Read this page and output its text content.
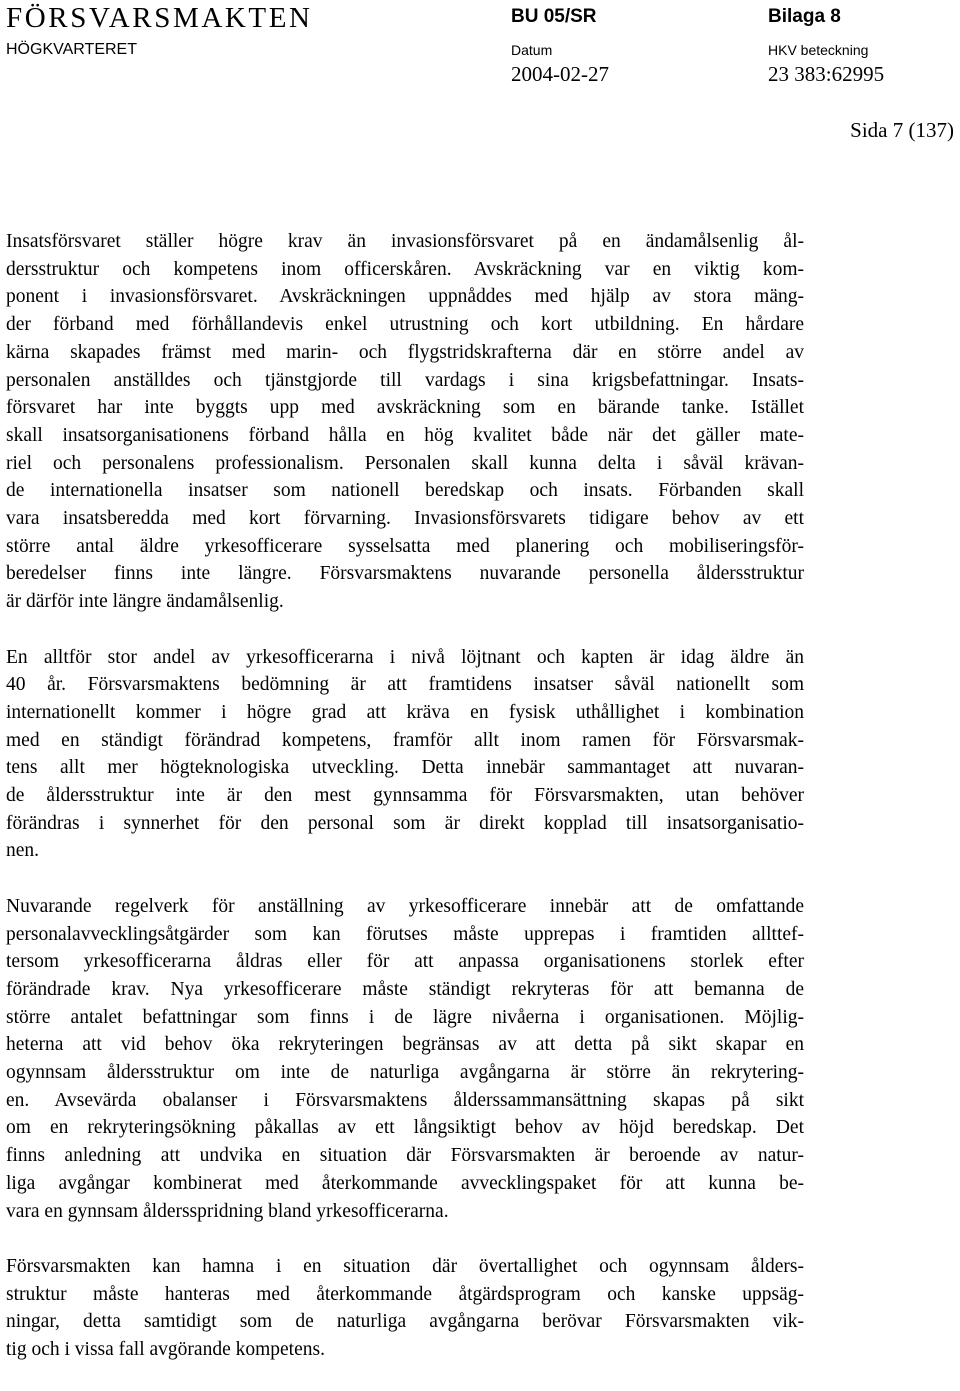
FÖRSVARSMAKTEN
HÖGKVARTERET
BU 05/SR	Bilaga 8
Datum	HKV beteckning
2004-02-27	23 383:62995
Sida 7 (137)
Insatsförsvaret ställer högre krav än invasionsförsvaret på en ändamålsenlig ål-
dersstruktur och kompetens inom officerskåren. Avskräckning var en viktig kom-
ponent i invasionsförsvaret. Avskräckningen uppnåddes med hjälp av stora mäng-
der förband med förhållandevis enkel utrustning och kort utbildning. En hårdare
kärna skapades främst med marin- och flygstridskrafterna där en större andel av
personalen anställdes och tjänstgjorde till vardags i sina krigsbefattningar. Insats-
försvaret har inte byggts upp med avskräckning som en bärande tanke. Istället
skall insatsorganisationens förband hålla en hög kvalitet både när det gäller mate-
riel och personalens professionalism. Personalen skall kunna delta i såväl krävan-
de internationella insatser som nationell beredskap och insats. Förbanden skall
vara insatsberedda med kort förvarning. Invasionsförsvarets tidigare behov av ett
större antal äldre yrkesofficerare sysselsatta med planering och mobiliseringsför-
beredelser finns inte längre. Försvarsmaktens nuvarande personella åldersstruktur
är därför inte längre ändamålsenlig.
En alltför stor andel av yrkesofficerarna i nivå löjtnant och kapten är idag äldre än
40 år. Försvarsmaktens bedömning är att framtidens insatser såväl nationellt som
internationellt kommer i högre grad att kräva en fysisk uthållighet i kombination
med en ständigt förändrad kompetens, framför allt inom ramen för Försvarsmak-
tens allt mer högteknologiska utveckling. Detta innebär sammantaget att nuvaran-
de åldersstruktur inte är den mest gynnsamma för Försvarsmakten, utan behöver
förändras i synnerhet för den personal som är direkt kopplad till insatsorganisatio-
nen.
Nuvarande regelverk för anställning av yrkesofficerare innebär att de omfattande
personalavvecklingsåtgärder som kan förutses måste upprepas i framtiden allttef-
tersom yrkesofficerarna åldras eller för att anpassa organisationens storlek efter
förändrade krav. Nya yrkesofficerare måste ständigt rekryteras för att bemanna de
större antalet befattningar som finns i de lägre nivåerna i organisationen. Möjlig-
heterna att vid behov öka rekryteringen begränsas av att detta på sikt skapar en
ogynnsam åldersstruktur om inte de naturliga avgångarna är större än rekrytering-
en. Avsevärda obalanser i Försvarsmaktens ålderssammansättning skapas på sikt
om en rekryteringsökning påkallas av ett långsiktigt behov av höjd beredskap. Det
finns anledning att undvika en situation där Försvarsmakten är beroende av natur-
liga avgångar kombinerat med återkommande avvecklingspaket för att kunna be-
vara en gynnsam åldersspridning bland yrkesofficerarna.
Försvarsmakten kan hamna i en situation där övertallighet och ogynnsam ålders-
struktur måste hanteras med återkommande åtgärdsprogram och kanske uppsäg-
ningar, detta samtidigt som de naturliga avgångarna berövar Försvarsmakten vik-
tig och i vissa fall avgörande kompetens.
